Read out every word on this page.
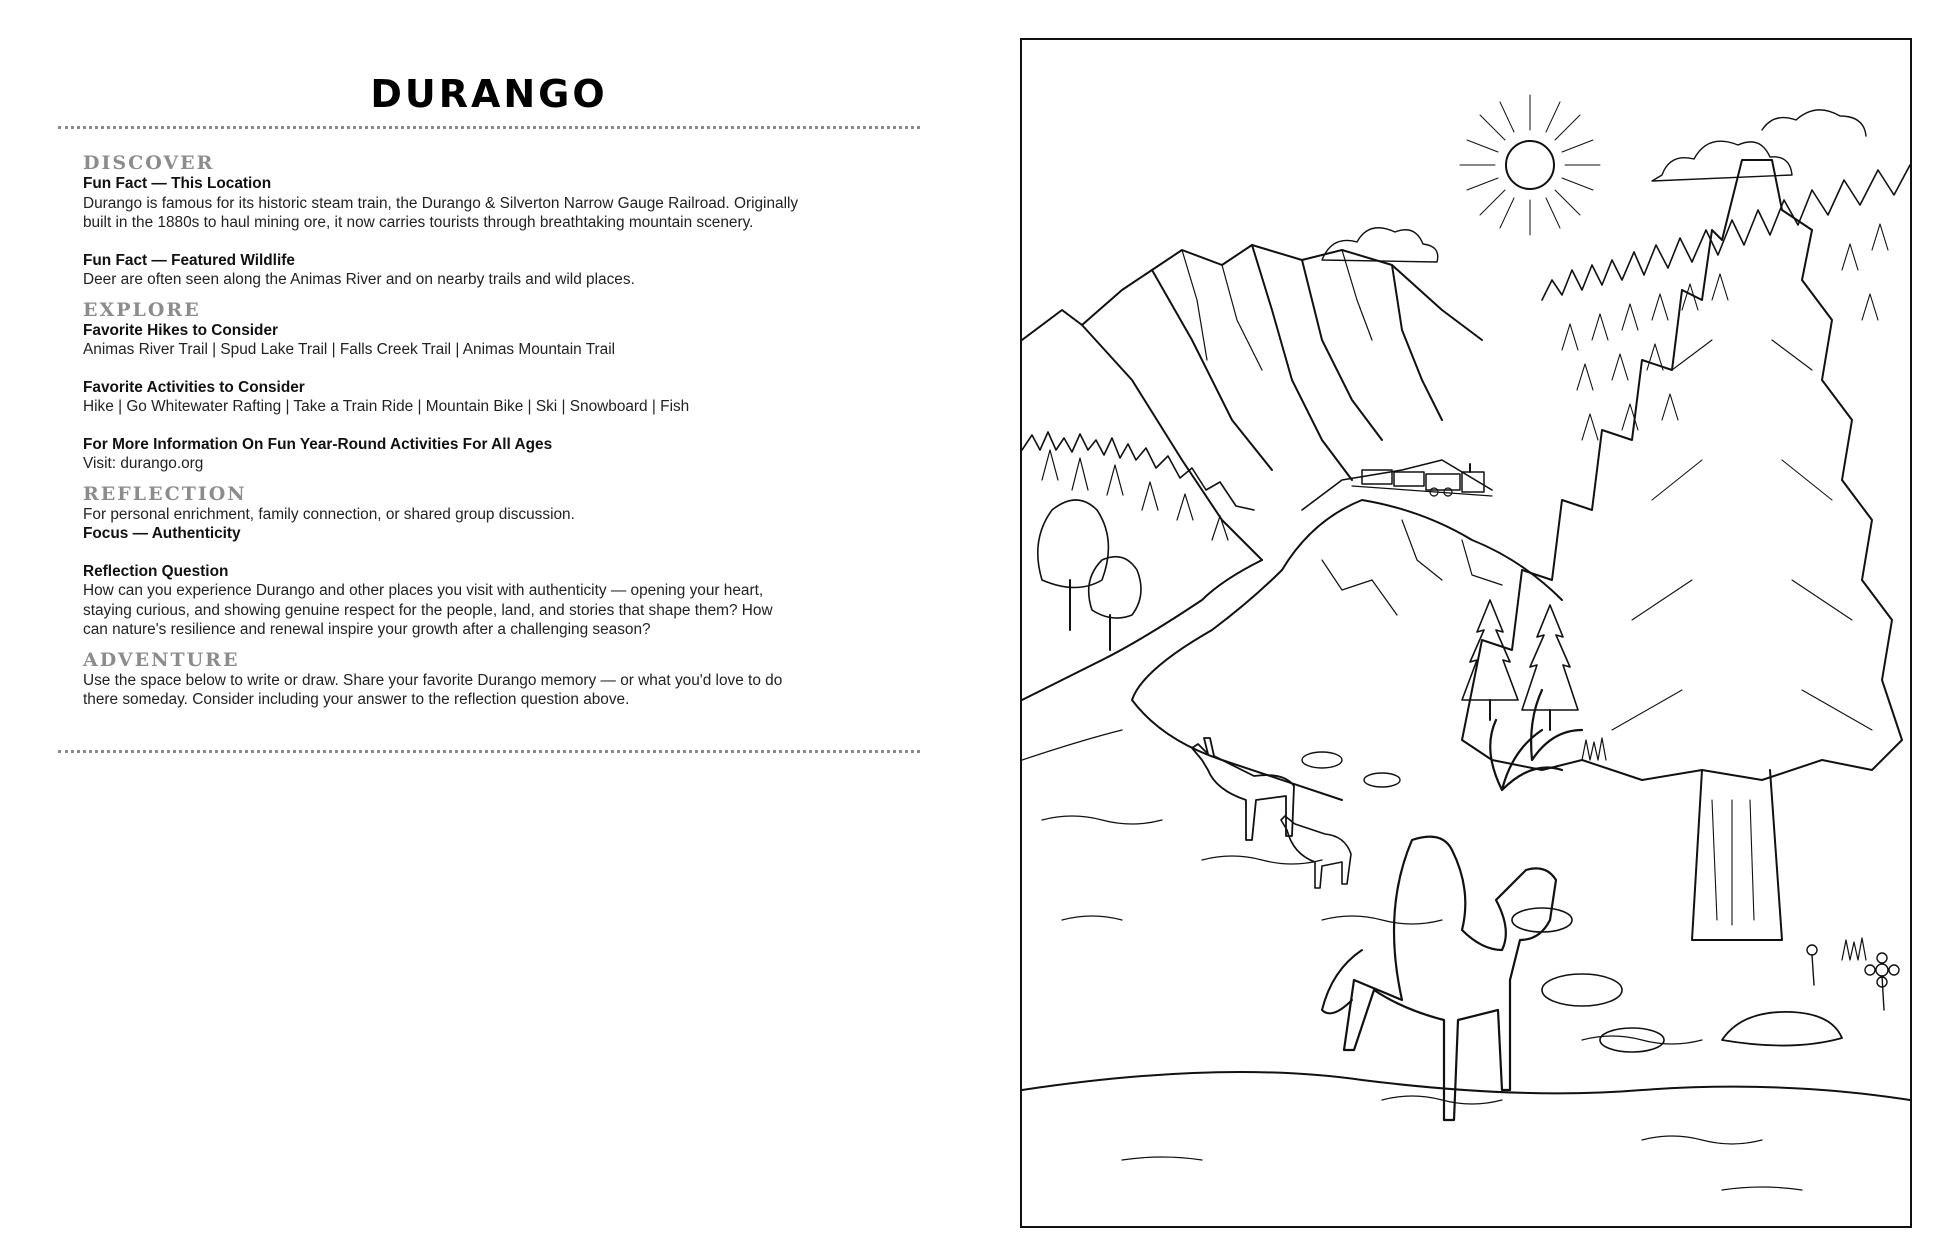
DURANGO

DISCOVER

Fun Fact — This Location

Durango is famous for its historic steam train, the Durango & Silverton Narrow Gauge Railroad. Originally

built in the 1880s to haul mining ore, it now carries tourists through breathtaking mountain scenery.

Fun Fact — Featured Wildlife

Deer are often seen along the Animas River and on nearby trails and wild places.

EXPLORE

Favorite Hikes to Consider

Animas River Trail | Spud Lake Trail | Falls Creek Trail | Animas Mountain Trail

Favorite Activities to Consider

Hike | Go Whitewater Rafting | Take a Train Ride | Mountain Bike | Ski | Snowboard | Fish

For More Information On Fun Year-Round Activities For All Ages

Visit: durango.org

REFLECTION

For personal enrichment, family connection, or shared group discussion.

Focus — Authenticity

Reflection Question

How can you experience Durango and other places you visit with authenticity — opening your heart,

staying curious, and showing genuine respect for the people, land, and stories that shape them? How

can nature's resilience and renewal inspire your growth after a challenging season?

ADVENTURE

Use the space below to write or draw. Share your favorite Durango memory — or what you'd love to do

there someday. Consider including your answer to the reflection question above.
